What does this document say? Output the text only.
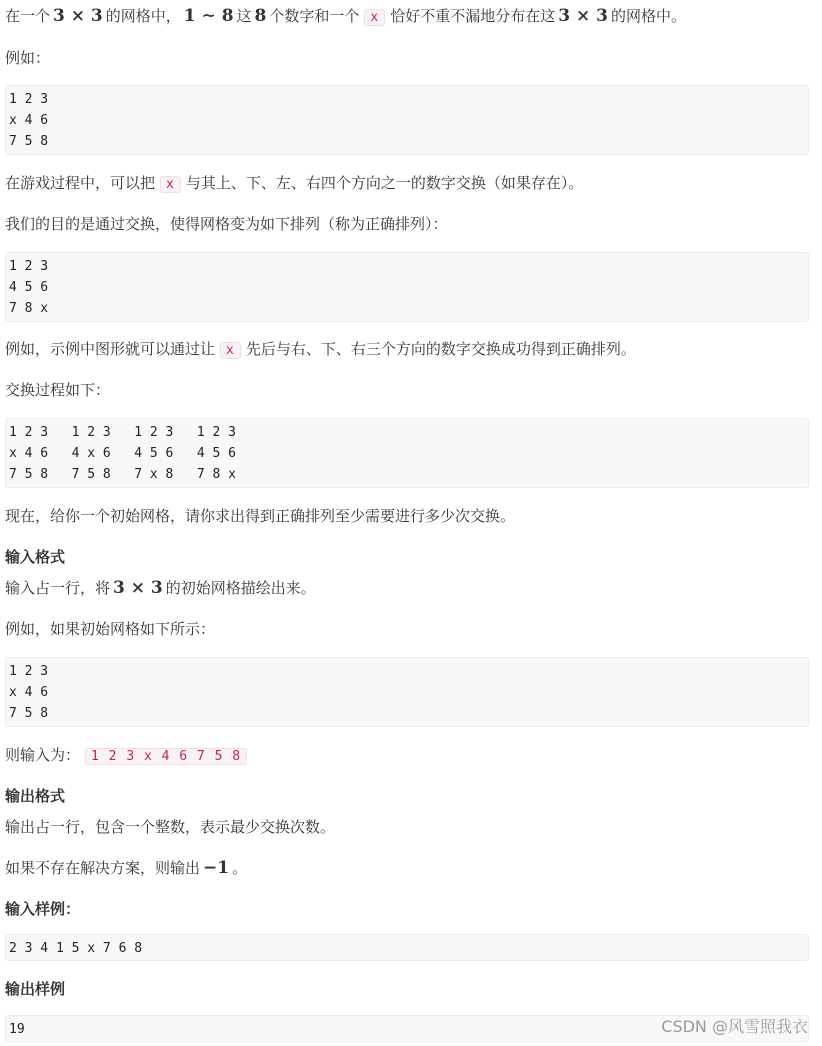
在一个 3 × 3 的网格中， 1 ∼ 8 这 8 个数字和一个 x 恰好不重不漏地分布在这 3 × 3 的网格中。

例如：

1 2 3
x 4 6
7 5 8

在游戏过程中，可以把 x 与其上、下、左、右四个方向之一的数字交换（如果存在）。

我们的目的是通过交换，使得网格变为如下排列（称为正确排列）：

1 2 3
4 5 6
7 8 x

例如，示例中图形就可以通过让 x 先后与右、下、右三个方向的数字交换成功得到正确排列。

交换过程如下：

1 2 3   1 2 3   1 2 3   1 2 3
x 4 6   4 x 6   4 5 6   4 5 6
7 5 8   7 5 8   7 x 8   7 8 x

现在，给你一个初始网格，请你求出得到正确排列至少需要进行多少次交换。

输入格式

输入占一行，将 3 × 3 的初始网格描绘出来。

例如，如果初始网格如下所示：

1 2 3
x 4 6
7 5 8

则输入为： 1 2 3 x 4 6 7 5 8

输出格式

输出占一行，包含一个整数，表示最少交换次数。

如果不存在解决方案，则输出 −1 。

输入样例：
2 3 4 1 5 x 7 6 8
输出样例
19	CSDN @风雪照我衣
